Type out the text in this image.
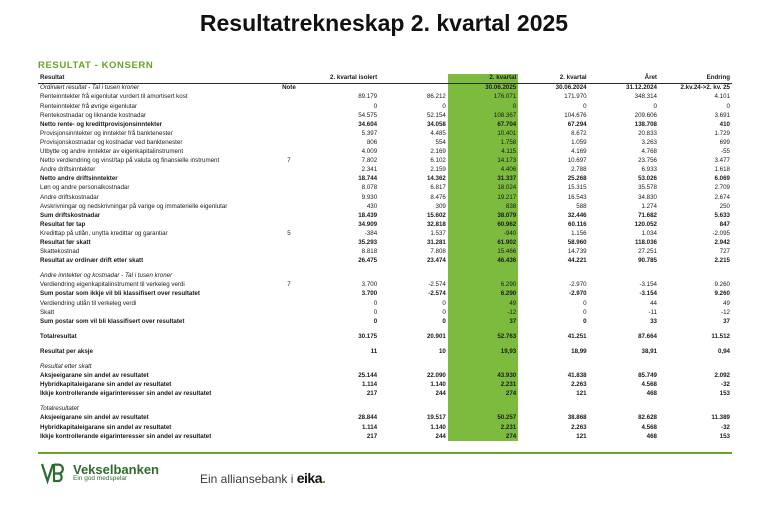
Resultatrekneskap 2. kvartal 2025
RESULTAT - KONSERN
Resultat		2. kvartal isolert		2. kvartal	2. kvartal	Året	Endring
Ordinært resultat - Tal i tusen kroner	Note			30.06.2025	30.06.2024	31.12.2024	2.kv.24->2. kv. 25
Renteinntekter frå eigenlutar vurdert til amortisert kost		89.179	86.212	176.071	171.970	348.314	4.101
Renteinntekter frå øvrige eigenlutar		0	0	0	0	0	0
Rentekostnadar og liknande kostnadar		54.575	52.154	108.367	104.676	209.606	3.691
Netto rente- og kredittprovisjonsinntekter		34.604	34.058	67.704	67.294	138.708	410
Provisjonsinntekter og inntekter frå banktenester		5.397	4.485	10.401	8.672	20.833	1.729
Provisjonskostnadar og kostnadar ved banktenester		806	554	1.758	1.059	3.263	699
Utbytte og andre inntekter av eigenkapitalinstrument		4.009	2.169	4.115	4.169	4.768	-55
Netto verdiendring og vinst/tap på valuta og finansielle instrument	7	7.802	6.102	14.173	10.697	23.756	3.477
Andre driftsinntekter		2.341	2.159	4.406	2.788	6.933	1.618
Netto andre driftsinntekter		18.744	14.362	31.337	25.268	53.026	6.069
Løn og andre personalkostnadar		8.078	6.817	18.024	15.315	35.578	2.709
Andre driftskostnadar		9.930	8.476	19.217	16.543	34.830	2.674
Avskrivningar og nedskrivningar på varige og immaterielle eigenlutar		430	309	838	588	1.274	250
Sum driftskostnadar		18.439	15.602	38.079	32.446	71.682	5.633
Resultat før tap		34.909	32.818	60.962	60.116	120.052	847
Kredittap på utlån, unytta kredittar og garantiar	5	-384	1.537	-940	1.156	1.034	-2.095
Resultat før skatt		35.293	31.281	61.902	58.960	118.036	2.942
Skattekostnad		8.818	7.808	15.466	14.739	27.251	727
Resultat av ordinær drift etter skatt		26.475	23.474	46.436	44.221	90.785	2.215

Andre inntekter og kostnadar - Tal i tusen kroner							
Verdiendring eigenkapitalinstrument til verkeleg verdi	7	3.700	-2.574	6.290	-2.970	-3.154	9.260
Sum postar som ikkje vil bli klassifisert over resultatet		3.700	-2.574	6.290	-2.970	-3.154	9.260
Verdiendring utlån til verkeleg verdi		0	0	49	0	44	49
Skatt		0	0	-12	0	-11	-12
Sum postar som vil bli klassifisert over resultatet		0	0	37	0	33	37

Totalresultat		30.175	20.901	52.763	41.251	87.664	11.512

Resultat per aksje		11	10	19,93	18,99	38,91	0,94

Resultat etter skatt							
Aksjeeigarane sin andel av resultatet		25.144	22.090	43.930	41.838	85.749	2.092
Hybridkapitaleigarane sin andel av resultatet		1.114	1.140	2.231	2.263	4.568	-32
Ikkje kontrollerande eigarinteresser sin andel av resultatet		217	244	274	121	468	153

Totalresultatet							
Aksjeeigarane sin andel av resultatet		28.844	19.517	50.257	38.868	82.628	11.389
Hybridkapitaleigarane sin andel av resultatet		1.114	1.140	2.231	2.263	4.568	-32
Ikkje kontrollerande eigarinteresser sin andel av resultatet		217	244	274	121	468	153
Vekselbanken
Ein god medspelar	Ein alliansebank i eika.
